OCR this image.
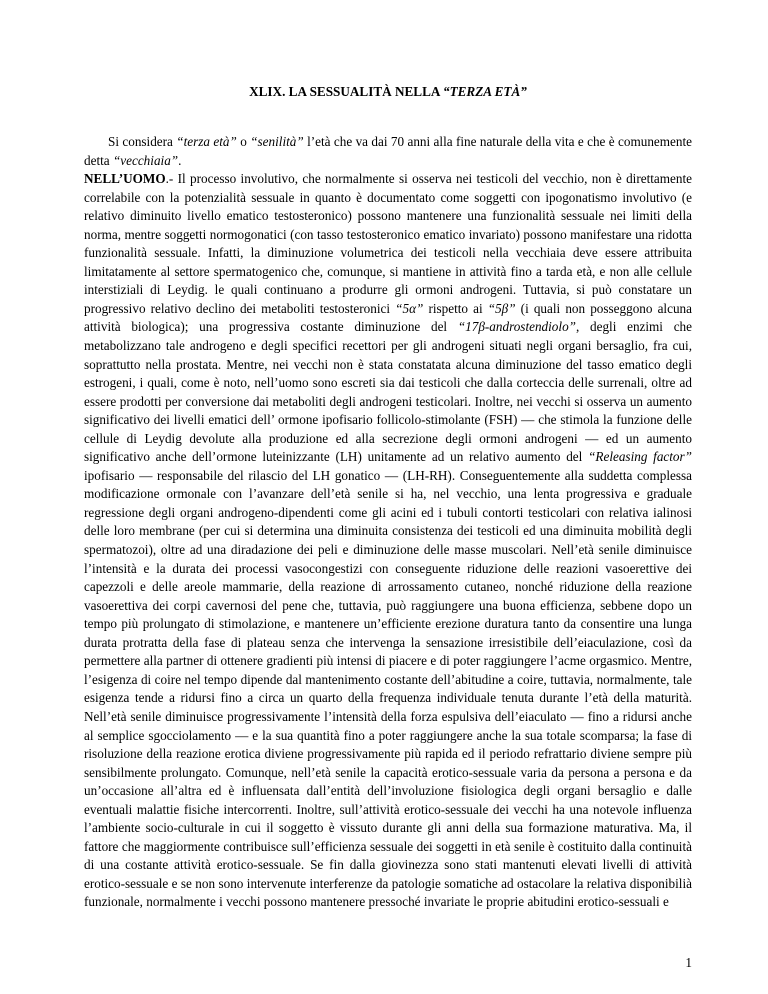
XLIX. LA SESSUALITÀ NELLA “TERZA ETÀ”

Si considera “terza età” o “senilità” l’età che va dai 70 anni alla fine naturale della vita e che è comunemente detta “vecchiaia”.

NELL’UOMO.- Il processo involutivo, che normalmente si osserva nei testicoli del vecchio, non è direttamente correlabile con la potenzialità sessuale in quanto è documentato come soggetti con ipogonatismo involutivo (e relativo diminuito livello ematico testosteronico) possono mantenere una funzionalità sessuale nei limiti della norma, mentre soggetti normogonatici (con tasso testosteronico ematico invariato) possono manifestare una ridotta funzionalità sessuale. Infatti, la diminuzione volumetrica dei testicoli nella vecchiaia deve essere attribuita limitatamente al settore spermatogenico che, comunque, si mantiene in attività fino a tarda età, e non alle cellule interstiziali di Leydig. le quali continuano a produrre gli ormoni androgeni. Tuttavia, si può constatare un progressivo relativo declino dei metaboliti testosteronici “5α” rispetto ai “5β” (i quali non posseggono alcuna attività biologica); una progressiva costante diminuzione del “17β-androstendiolo”, degli enzimi che metabolizzano tale androgeno e degli specifici recettori per gli androgeni situati negli organi bersaglio, fra cui, soprattutto nella prostata. Mentre, nei vecchi non è stata constatata alcuna diminuzione del tasso ematico degli estrogeni, i quali, come è noto, nell’uomo sono escreti sia dai testicoli che dalla corteccia delle surrenali, oltre ad essere prodotti per conversione dai metaboliti degli androgeni testicolari. Inoltre, nei vecchi si osserva un aumento significativo dei livelli ematici dell’ ormone ipofisario follicolo-stimolante (FSH) ― che stimola la funzione delle cellule di Leydig devolute alla produzione ed alla secrezione degli ormoni androgeni ― ed un aumento significativo anche dell’ormone luteinizzante (LH) unitamente ad un relativo aumento del “Releasing factor” ipofisario ― responsabile del rilascio del LH gonatico ― (LH-RH). Conseguentemente alla suddetta complessa modificazione ormonale con l’avanzare dell’età senile si ha, nel vecchio, una lenta progressiva e graduale regressione degli organi androgeno-dipendenti come gli acini ed i tubuli contorti testicolari con relativa ialinosi delle loro membrane (per cui si determina una diminuita consistenza dei testicoli ed una diminuita mobilità degli spermatozoi), oltre ad una diradazione dei peli e diminuzione delle masse muscolari. Nell’età senile diminuisce l’intensità e la durata dei processi vasocongestizi con conseguente riduzione delle reazioni vasoerettive dei capezzoli e delle areole mammarie, della reazione di arrossamento cutaneo, nonché riduzione della reazione vasoerettiva dei corpi cavernosi del pene che, tuttavia, può raggiungere una buona efficienza, sebbene dopo un tempo più prolungato di stimolazione, e mantenere un’efficiente erezione duratura tanto da consentire una lunga durata protratta della fase di plateau senza che intervenga la sensazione irresistibile dell’eiaculazione, così da permettere alla partner di ottenere gradienti più intensi di piacere e di poter raggiungere l’acme orgasmico. Mentre, l’esigenza di coire nel tempo dipende dal mantenimento costante dell’abitudine a coire, tuttavia, normalmente, tale esigenza tende a ridursi fino a circa un quarto della frequenza individuale tenuta durante l’età della maturità. Nell’età senile diminuisce progressivamente l’intensità della forza espulsiva dell’eiaculato ― fino a ridursi anche al semplice sgocciolamento ― e la sua quantità fino a poter raggiungere anche la sua totale scomparsa; la fase di risoluzione della reazione erotica diviene progressivamente più rapida ed il periodo refrattario diviene sempre più sensibilmente prolungato. Comunque, nell’età senile la capacità erotico-sessuale varia da persona a persona e da un’occasione all’altra ed è influensata dall’entità dell’involuzione fisiologica degli organi bersaglio e dalle eventuali malattie fisiche intercorrenti. Inoltre, sull’attività erotico-sessuale dei vecchi ha una notevole influenza l’ambiente socio-culturale in cui il soggetto è vissuto durante gli anni della sua formazione maturativa. Ma, il fattore che maggiormente contribuisce sull’efficienza sessuale dei soggetti in età senile è costituito dalla continuità di una costante attività erotico-sessuale. Se fin dalla giovinezza sono stati mantenuti elevati livelli di attività erotico-sessuale e se non sono intervenute interferenze da patologie somatiche ad ostacolare la relativa disponibilià funzionale, normalmente i vecchi possono mantenere pressoché invariate le proprie abitudini erotico-sessuali e

1
